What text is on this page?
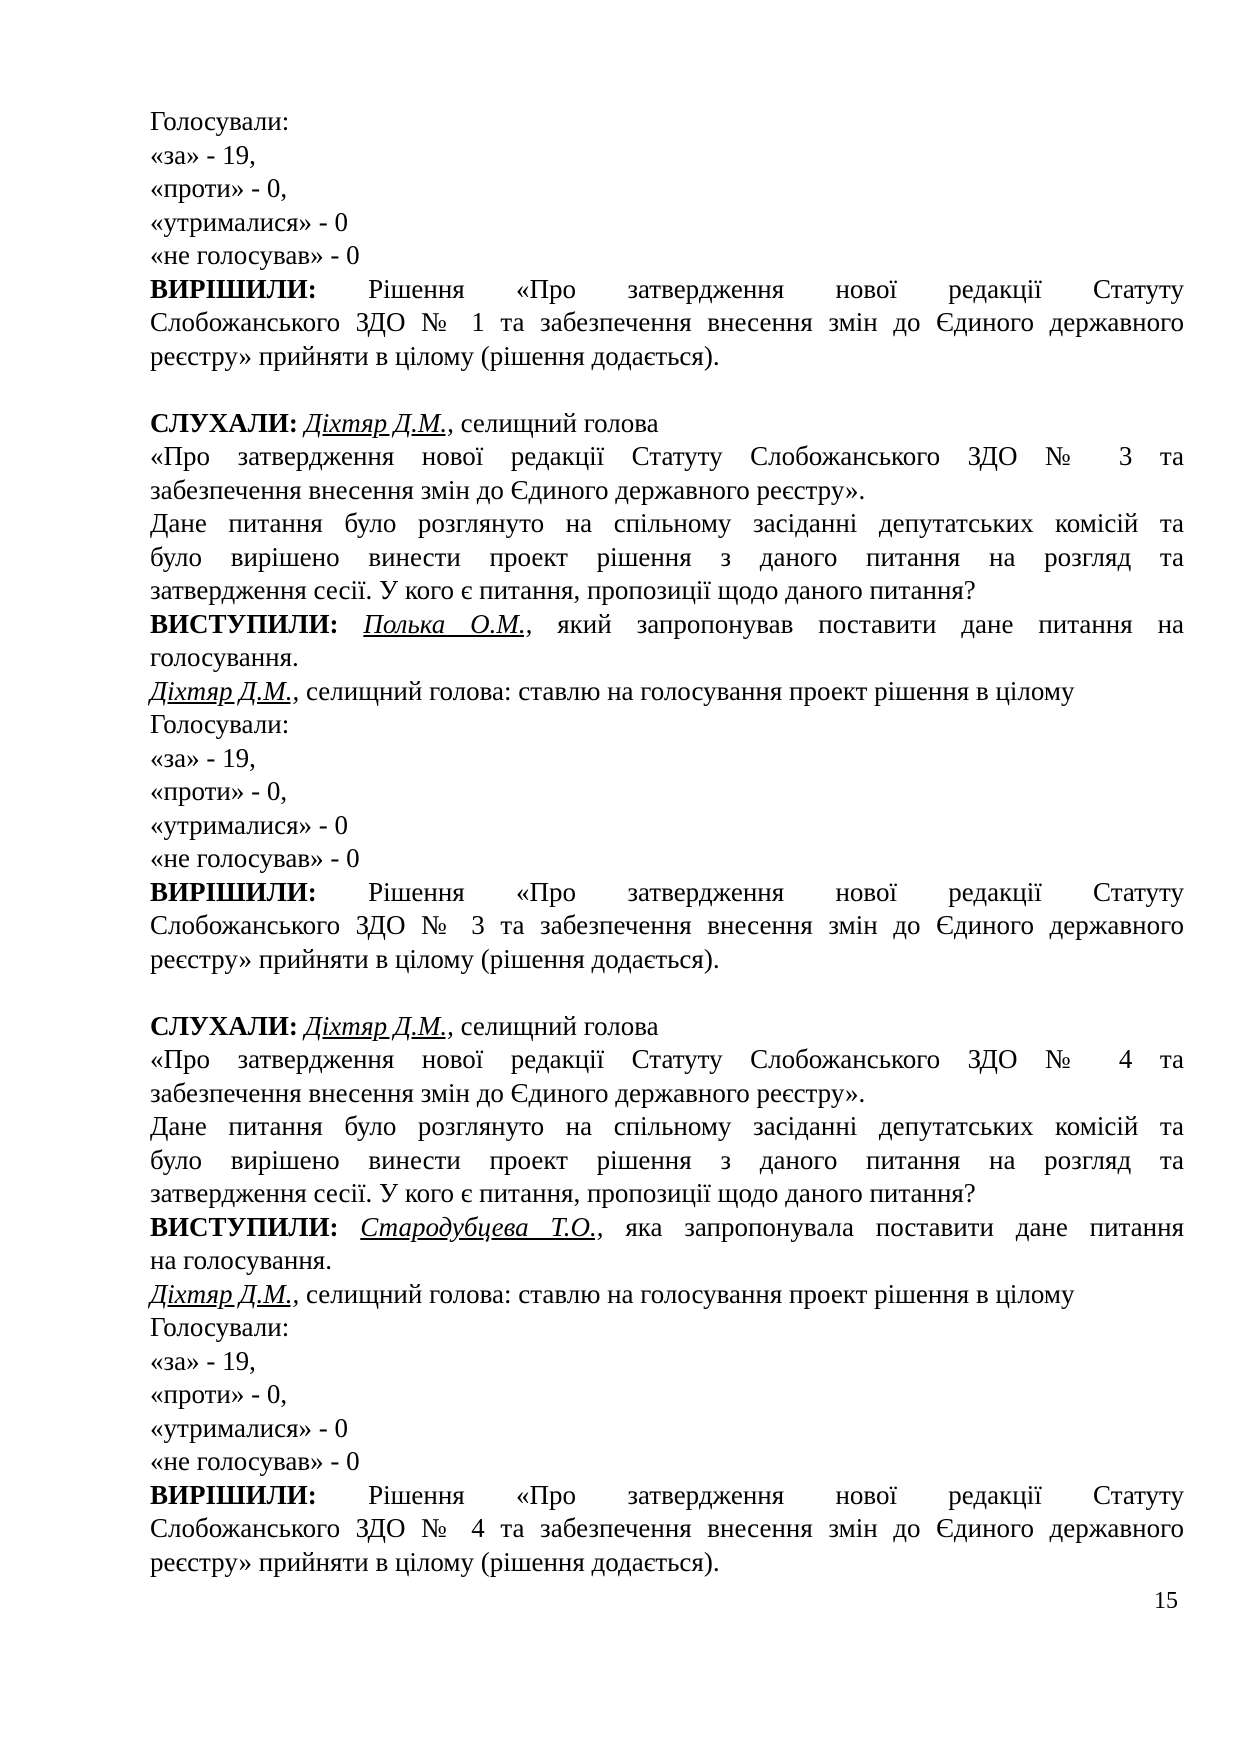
Голосували:
«за» - 19,
«проти» - 0,
«утрималися» - 0
«не голосував» - 0
ВИРІШИЛИ: Рішення «Про затвердження нової редакції Статуту
Слобожанського ЗДО № 1 та забезпечення внесення змін до Єдиного державного
реєстру» прийняти в цілому (рішення додається).
СЛУХАЛИ: Діхтяр Д.М., селищний голова
«Про затвердження нової редакції Статуту Слобожанського ЗДО № 3 та
забезпечення внесення змін до Єдиного державного реєстру».
Дане питання було розглянуто на спільному засіданні депутатських комісій та
було вирішено винести проект рішення з даного питання на розгляд та
затвердження сесії. У кого є питання, пропозиції щодо даного питання?
ВИСТУПИЛИ: Полька О.М., який запропонував поставити дане питання на
голосування.
Діхтяр Д.М., селищний голова: ставлю на голосування проект рішення в цілому
Голосували:
«за» - 19,
«проти» - 0,
«утрималися» - 0
«не голосував» - 0
ВИРІШИЛИ: Рішення «Про затвердження нової редакції Статуту
Слобожанського ЗДО № 3 та забезпечення внесення змін до Єдиного державного
реєстру» прийняти в цілому (рішення додається).
СЛУХАЛИ: Діхтяр Д.М., селищний голова
«Про затвердження нової редакції Статуту Слобожанського ЗДО № 4 та
забезпечення внесення змін до Єдиного державного реєстру».
Дане питання було розглянуто на спільному засіданні депутатських комісій та
було вирішено винести проект рішення з даного питання на розгляд та
затвердження сесії. У кого є питання, пропозиції щодо даного питання?
ВИСТУПИЛИ: Стародубцева Т.О., яка запропонувала поставити дане питання
на голосування.
Діхтяр Д.М., селищний голова: ставлю на голосування проект рішення в цілому
Голосували:
«за» - 19,
«проти» - 0,
«утрималися» - 0
«не голосував» - 0
ВИРІШИЛИ: Рішення «Про затвердження нової редакції Статуту
Слобожанського ЗДО № 4 та забезпечення внесення змін до Єдиного державного
реєстру» прийняти в цілому (рішення додається).
15
